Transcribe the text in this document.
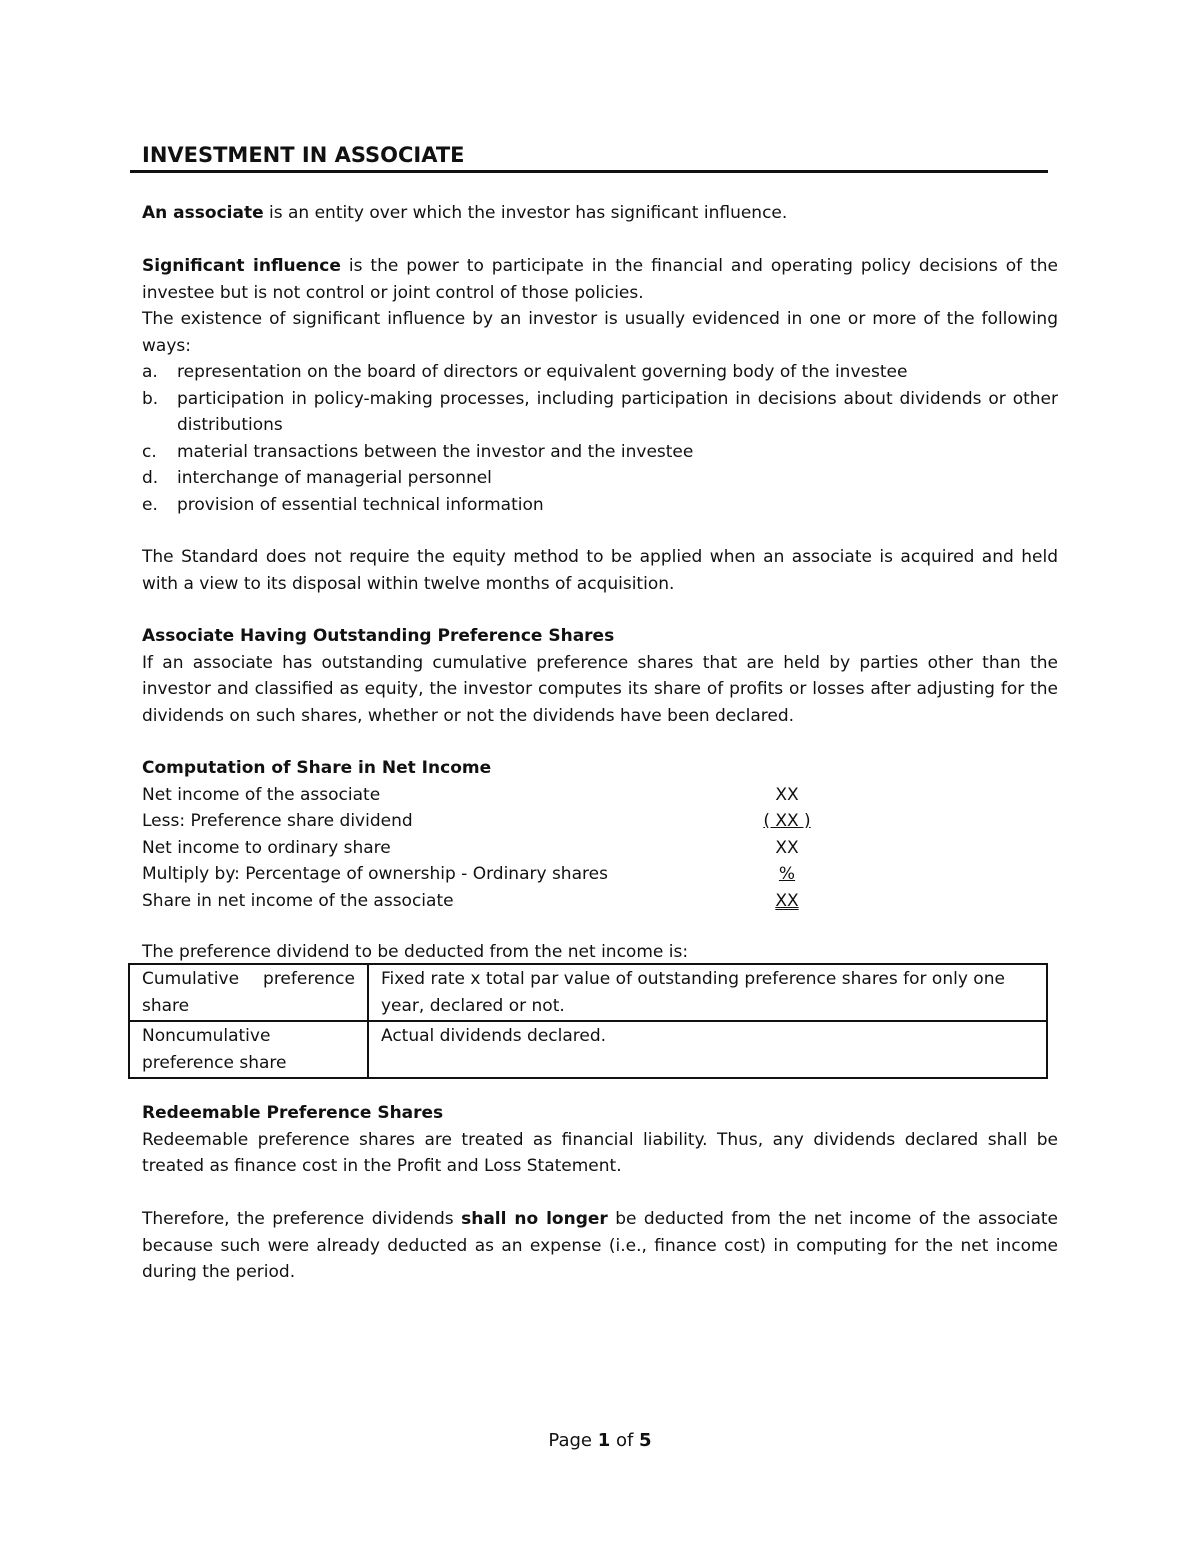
INVESTMENT IN ASSOCIATE

An associate is an entity over which the investor has significant influence.

Significant influence is the power to participate in the financial and operating policy decisions of the investee but is not control or joint control of those policies.

The existence of significant influence by an investor is usually evidenced in one or more of the following ways:

a. representation on the board of directors or equivalent governing body of the investee
b. participation in policy-making processes, including participation in decisions about dividends or other distributions
c. material transactions between the investor and the investee
d. interchange of managerial personnel
e. provision of essential technical information

The Standard does not require the equity method to be applied when an associate is acquired and held with a view to its disposal within twelve months of acquisition.

Associate Having Outstanding Preference Shares

If an associate has outstanding cumulative preference shares that are held by parties other than the investor and classified as equity, the investor computes its share of profits or losses after adjusting for the dividends on such shares, whether or not the dividends have been declared.

Computation of Share in Net Income

Net income of the associate	XX
Less: Preference share dividend	( XX )
Net income to ordinary share	XX
Multiply by: Percentage of ownership - Ordinary shares	%
Share in net income of the associate	XX

The preference dividend to be deducted from the net income is:

Cumulative preference share	Fixed rate x total par value of outstanding preference shares for only one year, declared or not.
Noncumulative preference share	Actual dividends declared.

Redeemable Preference Shares

Redeemable preference shares are treated as financial liability. Thus, any dividends declared shall be treated as finance cost in the Profit and Loss Statement.

Therefore, the preference dividends shall no longer be deducted from the net income of the associate because such were already deducted as an expense (i.e., finance cost) in computing for the net income during the period.

Page 1 of 5
